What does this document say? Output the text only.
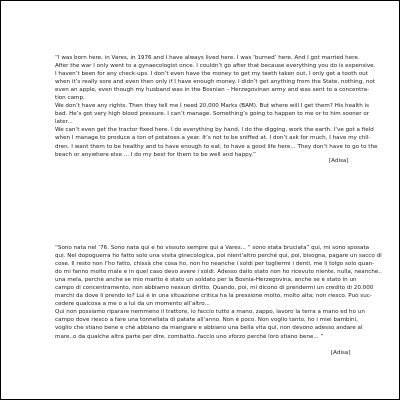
“I was born here, in Vares, in 1976 and I have always lived here. I was ‘burned’ here. And I got married here.
After the war I only went to a gynaecologist once. I couldn’t go after that because everything you do is expensive.
I haven’t been for any check-ups. I don’t even have the money to get my teeth taken out, I only get a tooth out
when it’s really sore and even then only if I have enough money. I didn’t get anything from the State, nothing, not
even an apple, even though my husband was in the Bosnian – Herzegovinan army and was sent to a concentra-
tion camp.
We don’t have any rights. Then they tell me I need 20,000 Marks (BAM). But where will I get them? His health is
bad. He’s got very high blood pressure. I can’t manage. Something’s going to happen to me or to him sooner or
later...
We can’t even get the tractor fixed here. I do everything by hand, I do the digging, work the earth. I’ve got a field
when I manage to produce a ton of potatoes a year. It’s not to be sniffed at. I don’t ask for much, I have my chil-
dren. I want them to be healthy and to have enough to eat, to have a good life here... They don’t have to go to the
beach or anywhere else ... I do my best for them to be well and happy.”
[Adisa]
“Sono nata nel ’76. Sono nata qui e ho vissuto sempre qui a Vares... “ sono stata bruciata” qui, mi sono sposata
qui. Nel dopoguerra ho fatto solo una visita ginecologica, poi nient’altro perché qui, poi, bisogna, pagare un sacco di
cose. Il resto non l’ho fatto, chissà che cosa ho, non ho neanche i soldi per togliermi i denti, me li tolgo solo quan-
do mi fanno molto male e in quel caso devo avere i soldi. Adesso dallo stato non ho ricevuto niente, nulla, neanche..
una mela, perchè anche se mio marito è stato un soldato per la Bosnia-Herzegovina, anche se è stato in un
campo di concentramento, non abbiamo nessun diritto. Quando, poi, mi dicono di prendermi un credito di 20.000
marchi da dove li prendo io? Lui è in una situazione critica ha la pressione molto, molto alta; non riesco. Può suc-
cedere qualcosa a me o a lui da un momento all’altro...
Qui non possiamo riparare nemmeno il trattore, io faccio tutto a mano, zappo, lavoro la terra a mano ed ho un
campo dove riesco a fare una tonnellata di patate all’anno. Non è poco. Non voglio tanto, ho i miei bambini,
voglio che stiano bene e chè abbiano da mangiare e abbiano una bella vita qui, non devono adesso andare al
mare..o da qualche altra parte per dire, combatto..faccio uno sforzo perché loro stiano bene... ”
[Adisa]
